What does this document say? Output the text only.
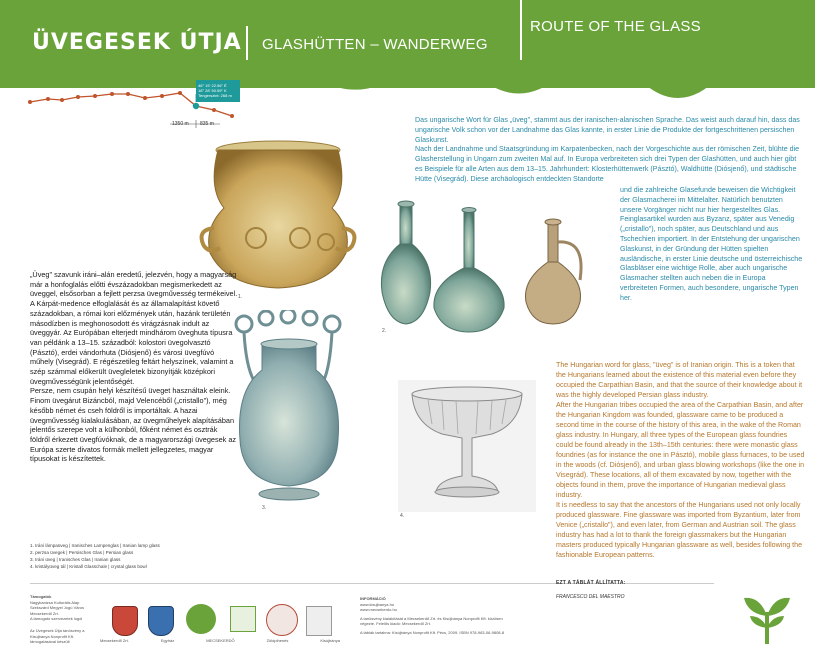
ÜVEGESEK ÚTJA GLASHÜTTEN – WANDERWEG
ROUTE OF THE GLASS
46° 15' 22.96" É
18° 28' 50.59" K
Tengerszint: 268 m
1350 m 835 m	Das ungarische Wort für Glas „üveg", stammt aus der iranischen-alanischen Sprache. Das weist auch darauf hin, dass das ungarische Volk schon vor der Landnahme das Glas kannte, in erster Linie die Produkte der fortgeschrittenen persischen Glaskunst.

Nach der Landnahme und Staatsgründung im Karpatenbecken, nach der Vorgeschichte aus der römischen Zeit, blühte die Glasherstellung in Ungarn zum zweiten Mal auf. In Europa verbreiteten sich drei Typen der Glashütten, und auch hier gibt es Beispiele für alle Arten aus dem 13–15. Jahrhundert: Klosterhüttenwerk (Pásztó), Waldhütte (Diósjenő), und städtische Hütte (Visegrád). Diese archäologisch entdeckten Standorte

und die zahlreiche Glasefunde beweisen die Wichtigkeit der Glasmacherei im Mittelalter. Natürlich benutzten unsere Vorgänger nicht nur hier hergestelltes Glas. Feinglasartikel wurden aus Byzanz, später aus Venedig („cristallo"), noch später, aus Deutschland und aus Tschechien importiert. In der Entstehung der ungarischen Glaskunst, in der Gründung der Hütten spielten ausländische, in erster Linie deutsche und österreichische Glasbläser eine wichtige Rolle, aber auch ungarische Glasmacher stellten auch neben die in Europa verbreiteten Formen, auch besondere, ungarische Typen her.

1.
2.
3.
4.

„Üveg" szavunk iráni–alán eredetű, jelezvén, hogy a magyarság már a honfoglalás előtti évszázadokban megismerkedett az üveggel, elsősorban a fejlett perzsa üvegművesség termékeivel.

A Kárpát-medence elfoglalását és az államalapítást követő századokban, a római kori előzmények után, hazánk területén másodízben is meghonosodott és virágzásnak indult az üveggyár. Az Európában elterjedt mindhárom üveghuta típusra van példánk a 13–15. századból: kolostori üvegolvasztó (Pásztó), erdei vándorhuta (Diósjenő) és városi üvegfúvó műhely (Visegrád). E régészetileg feltárt helyszínek, valamint a szép számmal előkerült üvegleletek bizonyítják középkori üvegművességünk jelentőségét.

Persze, nem csupán helyi készítésű üveget használtak eleink. Finom üvegárut Bizáncból, majd Velencéből („cristallo"), még később német és cseh földről is importáltak. A hazai üvegművesség kialakulásában, az üvegműhelyek alapításában jelentős szerepe volt a külhonból, főként német és osztrák földről érkezett üvegfúvóknak, de a magyarországi üvegesek az Európa szerte divatos formák mellett jellegzetes, magyar típusokat is készítettek.

The Hungarian word for glass, "üveg" is of Iranian origin. This is a token that the Hungarians learned about the existence of this material even before they occupied the Carpathian Basin, and that the source of their knowledge about it was the highly developed Persian glass industry.

After the Hungarian tribes occupied the area of the Carpathian Basin, and after the Hungarian Kingdom was founded, glassware came to be produced a second time in the course of the history of this area, in the wake of the Roman glass industry. In Hungary, all three types of the European glass foundries could be found already in the 13th–15th centuries: there were monastic glass foundries (as for instance the one in Pásztó), mobile glass furnaces, to be used in the woods (cf. Diósjenő), and urban glass blowing workshops (like the one in Visegrád). These locations, all of them excavated by now, together with the objects found in them, prove the importance of Hungarian medieval glass industry.

It is needless to say that the ancestors of the Hungarians used not only locally produced glassware. Fine glassware was imported from Byzantium, later from Venice („cristallo"), and even later, from German and Austrian soil. The glass industry has had a lot to thank the foreign glassmakers but the Hungarian masters produced typically Hungarian glassware as well, besides following the fashionable European patterns.

1. Iráni lámpaüveg | Iranisches Lampenglas | Iranian lamp glass
2. perzsa üvegek | Persisches Glas | Persian glass
3. Iráni üveg | Iranisches Glas | Iranian glass
4. kristályüveg tál | Kristall Glasschale | crystal glass bowl
Támogatók
Nagykanizsa Kulturális Alap
Szekszárd Megyei Jogú Város
Mecsekerdő Zrt.
A támogató szervezetek logói
Az Üvegesek Útja tanösvény a Kisújbánya Nonprofit Kft. támogatásával készült	Mecsekerdő Zrt.	Egyház	MECSEKERDŐ	Zöldpihenés	Kisújbánya
INFORMÁCIÓ
www.kisujbanya.hu
www.mecsekerdo.hu
A tanösvény kialakítását a Mecsekerdő Zrt. és Kisújbánya Nonprofit Kft. közösen végezte. Felelős kiadó: Mecsekerdő Zrt.
A táblák tartalma: Kisújbánya Nonprofit Kft. Pécs, 2009. ISBN 978-963-06-9808-8
EZT A TÁBLÁT ÁLLÍTATTA:
FRANCESCO DEL MAESTRO
